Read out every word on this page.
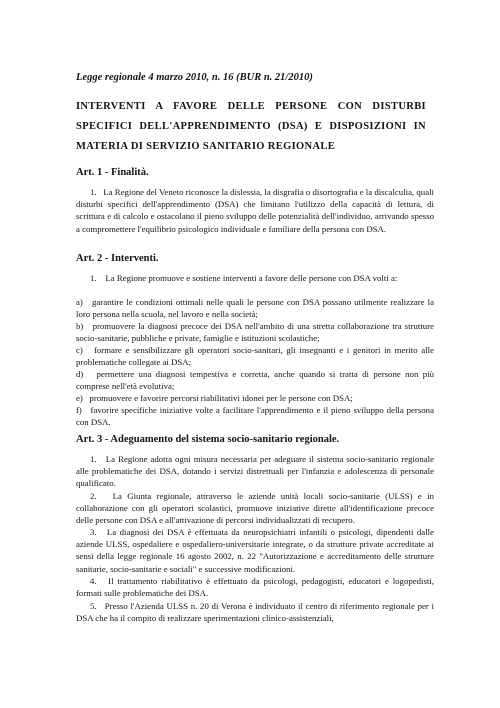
Legge regionale 4 marzo 2010, n. 16 (BUR n. 21/2010)
INTERVENTI A FAVORE DELLE PERSONE CON DISTURBI SPECIFICI DELL'APPRENDIMENTO (DSA) E DISPOSIZIONI IN MATERIA DI SERVIZIO SANITARIO REGIONALE
Art. 1 - Finalità.
1.   La Regione del Veneto riconosce la dislessia, la disgrafia o disortografia e la discalculia, quali disturbi specifici dell'apprendimento (DSA) che limitano l'utilizzo della capacità di lettura, di scrittura e di calcolo e ostacolano il pieno sviluppo delle potenzialità dell'individuo, arrivando spesso a compromettere l'equilibrio psicologico individuale e familiare della persona con DSA.
Art. 2 - Interventi.
1.    La Regione promuove e sostiene interventi a favore delle persone con DSA volti a:
a)   garantire le condizioni ottimali nelle quali le persone con DSA possano utilmente realizzare la loro persona nella scuola, nel lavoro e nella società;
b)   promuovere la diagnosi precoce dei DSA nell'ambito di una stretta collaborazione tra strutture socio-sanitarie, pubbliche e private, famiglie e istituzioni scolastiche;
c)   formare e sensibilizzare gli operatori socio-sanitari, gli insegnanti e i genitori in merito alle problematiche collegate ai DSA;
d)   permettere una diagnosi tempestiva e corretta, anche quando si tratta di persone non più comprese nell'età evolutiva;
e)   promuovere e favorire percorsi riabilitativi idonei per le persone con DSA;
f)   favorire specifiche iniziative volte a facilitare l'apprendimento e il pieno sviluppo della persona con DSA.
Art. 3 - Adeguamento del sistema socio-sanitario regionale.
1.   La Regione adotta ogni misura necessaria per adeguare il sistema socio-sanitario regionale alle problematiche dei DSA, dotando i servizi distrettuali per l'infanzia e adolescenza di personale qualificato.
2.   La Giunta regionale, attraverso le aziende unità locali socio-sanitarie (ULSS) e in collaborazione con gli operatori scolastici, promuove iniziative dirette all'identificazione precoce delle persone con DSA e all'attivazione di percorsi individualizzati di recupero.
3.   La diagnosi dei DSA è effettuata da neuropsichiatri infantili o psicologi, dipendenti dalle aziende ULSS, ospedaliere e ospedaliero-universitarie integrate, o da strutture private accreditate ai sensi della legge regionale 16 agosto 2002, n. 22 "Autorizzazione e accreditamento delle strutture sanitarie, socio-sanitarie e sociali" e successive modificazioni.
4.   Il trattamento riabilitativo è effettuato da psicologi, pedagogisti, educatori e logopedisti, formati sulle problematiche dei DSA.
5.   Presso l'Azienda ULSS n. 20 di Verona è individuato il centro di riferimento regionale per i DSA che ha il compito di realizzare sperimentazioni clinico-assistenziali,
